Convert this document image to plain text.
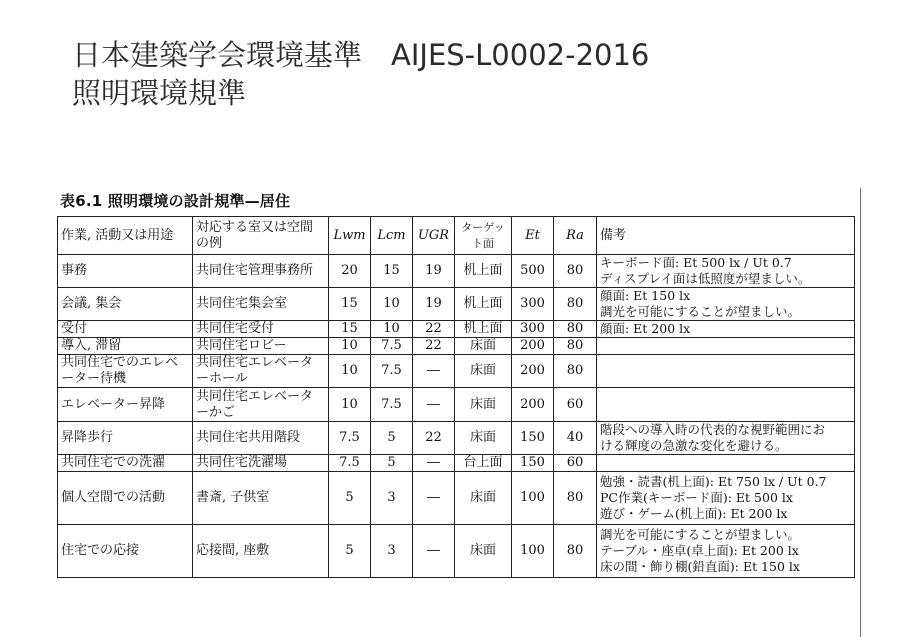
日本建築学会環境基準　AIJES-L0002-2016
照明環境規準
表6.1 照明環境の設計規準—居住
作業, 活動又は用途	対応する室又は空間の例	Lwm	Lcm	UGR	ターゲット面	Et	Ra	備考
事務	共同住宅管理事務所	20	15	19	机上面	500	80	キーボード面: Et 500 lx / Ut 0.7
ディスプレイ面は低照度が望ましい。

会議, 集会	共同住宅集会室	15	10	19	机上面	300	80	顔面: Et 150 lx
調光を可能にすることが望ましい。

受付	共同住宅受付	15	10	22	机上面	300	80	顔面: Et 200 lx

導入, 滞留	共同住宅ロビー	10	7.5	22	床面	200	80	
共同住宅でのエレベーター待機	共同住宅エレベーターホール	10	7.5	―	床面	200	80	
エレベーター昇降	共同住宅エレベーターかご	10	7.5	―	床面	200	60	
昇降歩行	共同住宅共用階段	7.5	5	22	床面	150	40	階段への導入時の代表的な視野範囲にお
ける輝度の急激な変化を避ける。

共同住宅での洗濯	共同住宅洗濯場	7.5	5	―	台上面	150	60	
個人空間での活動	書斎, 子供室	5	3	―	床面	100	80	勉強・読書(机上面): Et 750 lx / Ut 0.7
PC作業(キーボード面): Et 500 lx
遊び・ゲーム(机上面): Et 200 lx

住宅での応接	応接間, 座敷	5	3	―	床面	100	80	調光を可能にすることが望ましい。
テーブル・座卓(卓上面): Et 200 lx
床の間・飾り棚(鉛直面): Et 150 lx
